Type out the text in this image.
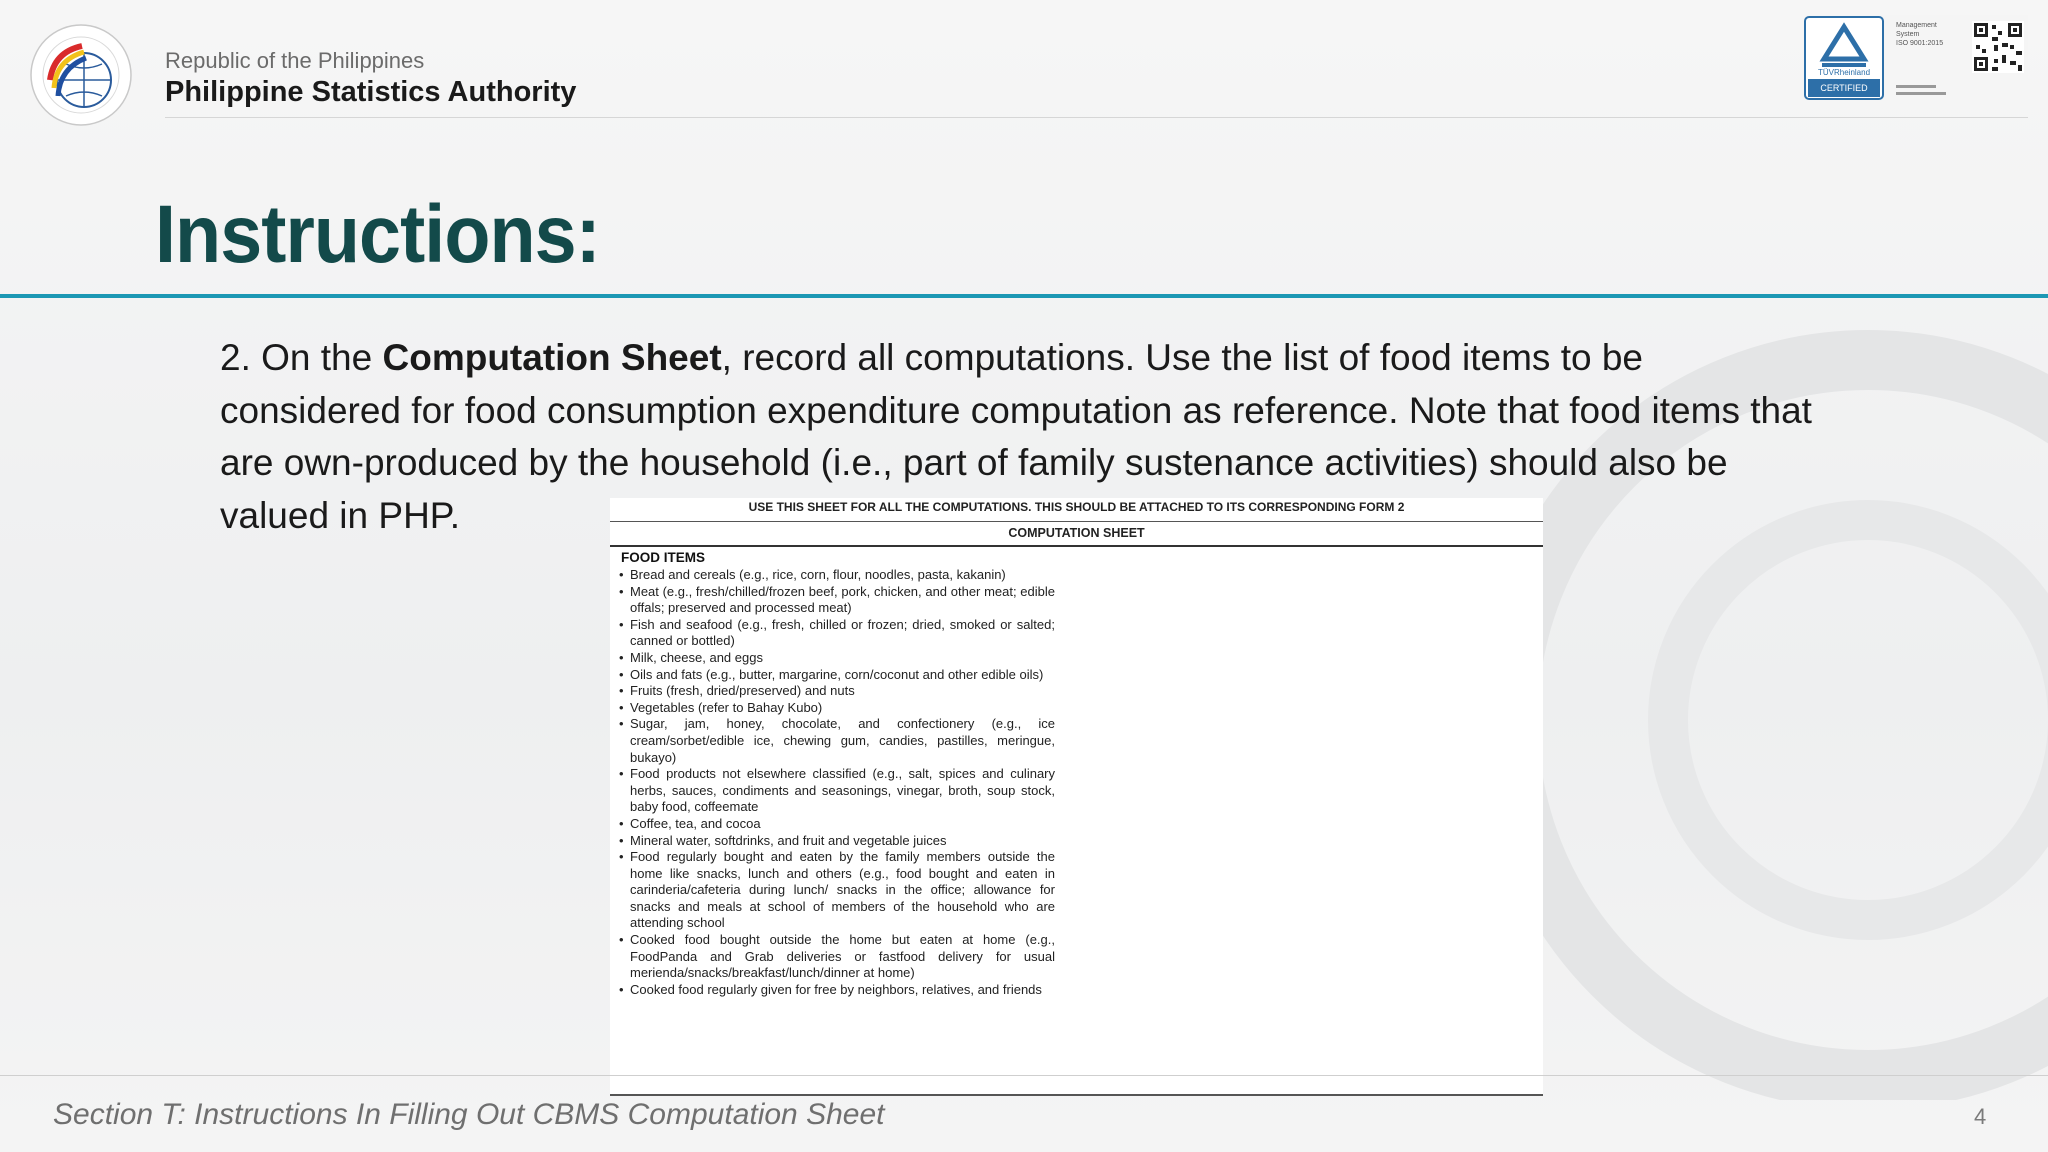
Republic of the Philippines
Philippine Statistics Authority
TÜVRheinland
CERTIFIED
Management
System
ISO 9001:2015
Instructions:
2. On the Computation Sheet, record all computations. Use the list of food items to be considered for food consumption expenditure computation as reference. Note that food items that are own-produced by the household (i.e., part of family sustenance activities) should also be valued in PHP.	USE THIS SHEET FOR ALL THE COMPUTATIONS. THIS SHOULD BE ATTACHED TO ITS CORRESPONDING FORM 2
COMPUTATION SHEET
FOOD ITEMS
• Bread and cereals (e.g., rice, corn, flour, noodles, pasta, kakanin)
• Meat (e.g., fresh/chilled/frozen beef, pork, chicken, and other meat; edible offals; preserved and processed meat)
• Fish and seafood (e.g., fresh, chilled or frozen; dried, smoked or salted; canned or bottled)
• Milk, cheese, and eggs
• Oils and fats (e.g., butter, margarine, corn/coconut and other edible oils)
• Fruits (fresh, dried/preserved) and nuts
• Vegetables (refer to Bahay Kubo)
• Sugar, jam, honey, chocolate, and confectionery (e.g., ice cream/sorbet/edible ice, chewing gum, candies, pastilles, meringue, bukayo)
• Food products not elsewhere classified (e.g., salt, spices and culinary herbs, sauces, condiments and seasonings, vinegar, broth, soup stock, baby food, coffeemate
• Coffee, tea, and cocoa
• Mineral water, softdrinks, and fruit and vegetable juices
• Food regularly bought and eaten by the family members outside the home like snacks, lunch and others (e.g., food bought and eaten in carinderia/cafeteria during lunch/ snacks in the office; allowance for snacks and meals at school of members of the household who are attending school
• Cooked food bought outside the home but eaten at home (e.g., FoodPanda and Grab deliveries or fastfood delivery for usual merienda/snacks/breakfast/lunch/dinner at home)
• Cooked food regularly given for free by neighbors, relatives, and friends
Section T: Instructions In Filling Out CBMS Computation Sheet	4
